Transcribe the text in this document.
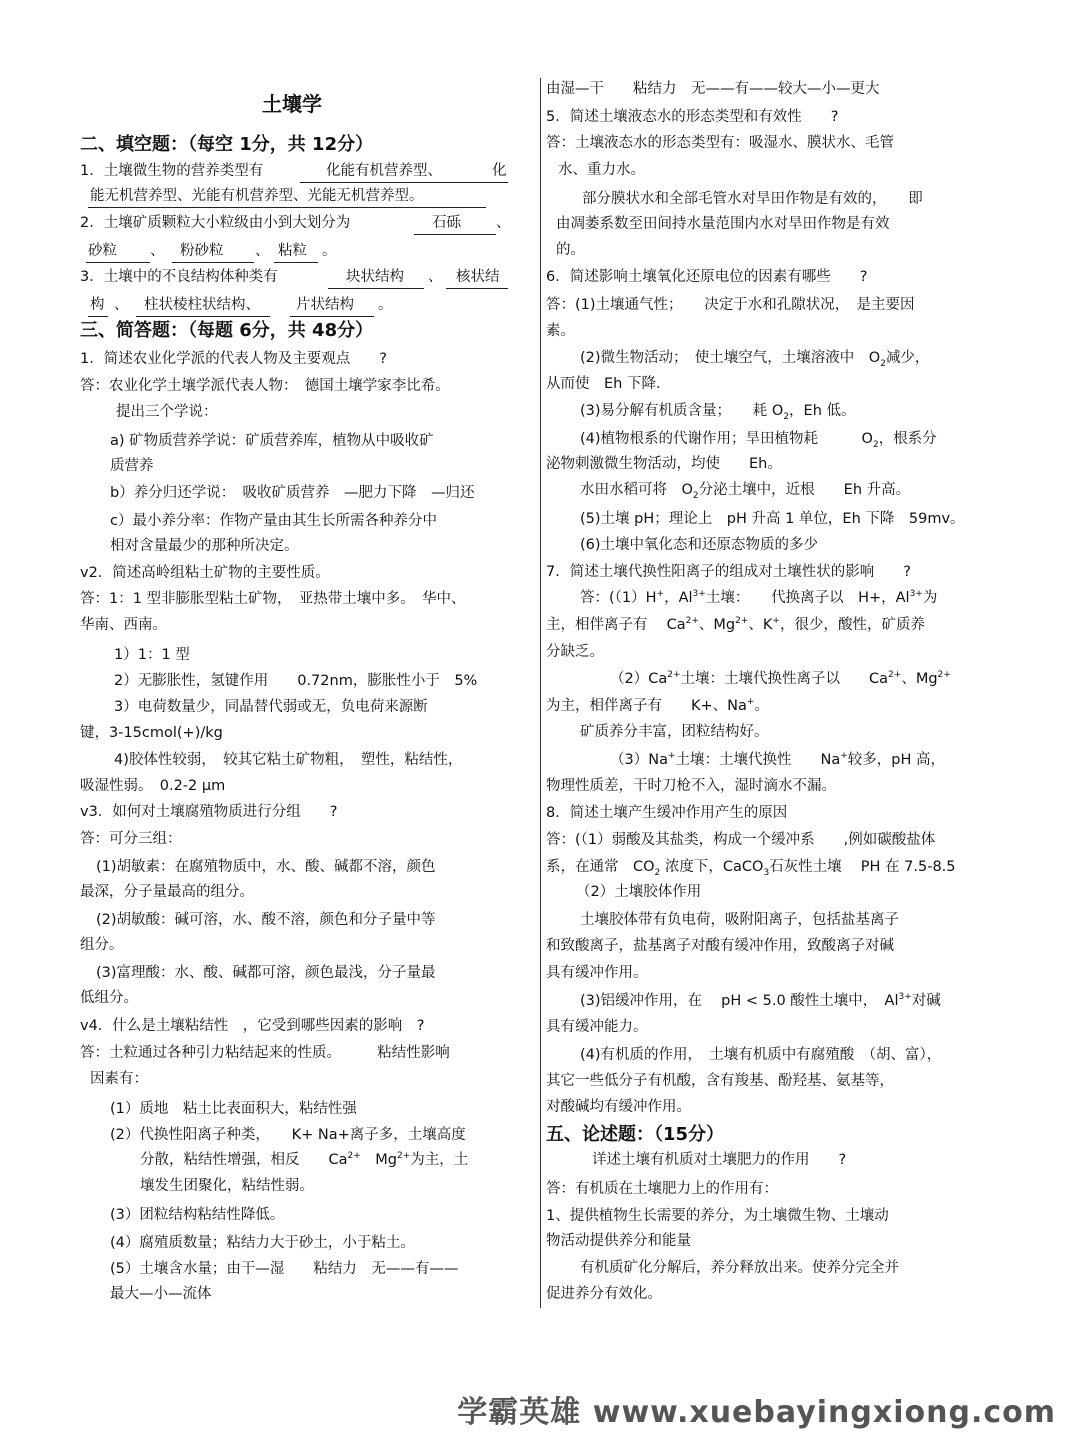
土壤学
二、填空题：（每空 1分，共 12分）
1．土壤微生物的营养类型有	化能有机营养型、	化
能无机营养型、光能有机营养型、光能无机营养型。
2．土壤矿质颗粒大小粒级由小到大划分为	石砾 、
砂粒 、 粉砂粒 、 粘粒 。
3．土壤中的不良结构体种类有	块状结构 、 核状结
构 、 柱状棱柱状结构、 片状结构 。
三、简答题：（每题 6分，共 48分）
1．简述农业化学派的代表人物及主要观点　　?
答：农业化学土壤学派代表人物：　德国土壤学家李比希。
提出三个学说：
a) 矿物质营养学说：矿质营养库，植物从中吸收矿
质营养
b）养分归还学说：　吸收矿质营养　—肥力下降　—归还
c）最小养分率：作物产量由其生长所需各种养分中
相对含量最少的那种所决定。
v2．简述高岭组粘土矿物的主要性质。
答：1：1 型非膨胀型粘土矿物，　亚热带土壤中多。　华中、
华南、西南。
1）1：1 型
2）无膨胀性，氢键作用　　0.72nm，膨胀性小于　5%
3）电荷数量少，同晶替代弱或无，负电荷来源断
键，3-15cmol(+)/kg
4)胶体性较弱，　较其它粘土矿物粗，　塑性，粘结性，
吸湿性弱。　0.2-2 μm
v3．如何对土壤腐殖物质进行分组　　?
答：可分三组：
(1)胡敏素：在腐殖物质中，水、酸、碱都不溶，颜色
最深，分子量最高的组分。
(2)胡敏酸：碱可溶，水、酸不溶，颜色和分子量中等
组分。
(3)富理酸：水、酸、碱都可溶，颜色最浅，分子量最
低组分。
v4．什么是土壤粘结性　，它受到哪些因素的影响　?
答：土粒通过各种引力粘结起来的性质。　　　粘结性影响
因素有：
(1）质地　粘土比表面积大，粘结性强
(2）代换性阳离子种类，　　K+ Na+离子多，土壤高度
分散，粘结性增强，相反　　$Ca^{2+}$　$Mg^{2+}$为主，土
壤发生团聚化，粘结性弱。
(3）团粒结构粘结性降低。
(4）腐殖质数量；粘结力大于砂土，小于粘土。
(5）土壤含水量；由干—湿　　粘结力　无——有——
最大—小—流体
由湿—干　　粘结力　无——有——较大—小—更大
5．简述土壤液态水的形态类型和有效性　　?
答：土壤液态水的形态类型有：吸湿水、膜状水、毛管
水、重力水。
部分膜状水和全部毛管水对旱田作物是有效的，　　即
由凋萎系数至田间持水量范围内水对旱田作物是有效
的。
6．简述影响土壤氧化还原电位的因素有哪些　　?
答：(1)土壤通气性；　　决定于水和孔隙状况，　是主要因
素。
(2)微生物活动；　使土壤空气，土壤溶液中　$O_2$减少，
从而使　Eh 下降．
(3)易分解有机质含量；　　耗 $O_2$，Eh 低。
(4)植物根系的代谢作用；旱田植物耗　　　$O_2$，根系分
泌物刺激微生物活动，均使　　Eh。
水田水稻可将　$O_2$分泌土壤中，近根　　Eh 升高。
(5)土壤 pH；理论上　pH 升高 1 单位，Eh 下降　59mv。
(6)土壤中氧化态和还原态物质的多少
7．简述土壤代换性阳离子的组成对土壤性状的影响　　?
答：(（1）H+，$Al^{3+}$土壤：　　代换离子以　H+，$Al^{3+}$为
主，相伴离子有　 $Ca^{2+}$、$Mg^{2+}$、K+，很少，酸性，矿质养
分缺乏。
$(2)Ca^{2+}$土壤：土壤代换性离子以　　$Ca^{2+}$、$Mg^{2+}$
为主，相伴离子有　　K+、Na+。
矿质养分丰富，团粒结构好。
（3）Na+土壤：土壤代换性　　Na+较多，pH 高，
物理性质差，干时刀枪不入，湿时滴水不漏。
8．简述土壤产生缓冲作用产生的原因
答：(（1）弱酸及其盐类，构成一个缓冲系　　,例如碳酸盐体
系，在通常　$CO_2$ 浓度下，CaCO$_3$石灰性土壤　 PH 在 7.5-8.5
（2）土壤胶体作用
土壤胶体带有负电荷，吸附阳离子，包括盐基离子
和致酸离子，盐基离子对酸有缓冲作用，致酸离子对碱
具有缓冲作用。
(3)铝缓冲作用，在　 pH < 5.0 酸性土壤中，　$Al^{3+}$对碱
具有缓冲能力。
(4)有机质的作用，　土壤有机质中有腐殖酸　（胡、富），
其它一些低分子有机酸，含有羧基、酚羟基、氨基等，
对酸碱均有缓冲作用。
五、论述题：（15分）
详述土壤有机质对土壤肥力的作用　　?
答：有机质在土壤肥力上的作用有：
1、提供植物生长需要的养分，为土壤微生物、土壤动
物活动提供养分和能量
有机质矿化分解后，养分释放出来。使养分完全并
促进养分有效化。
学霸英雄 www.xuebayingxiong.com
